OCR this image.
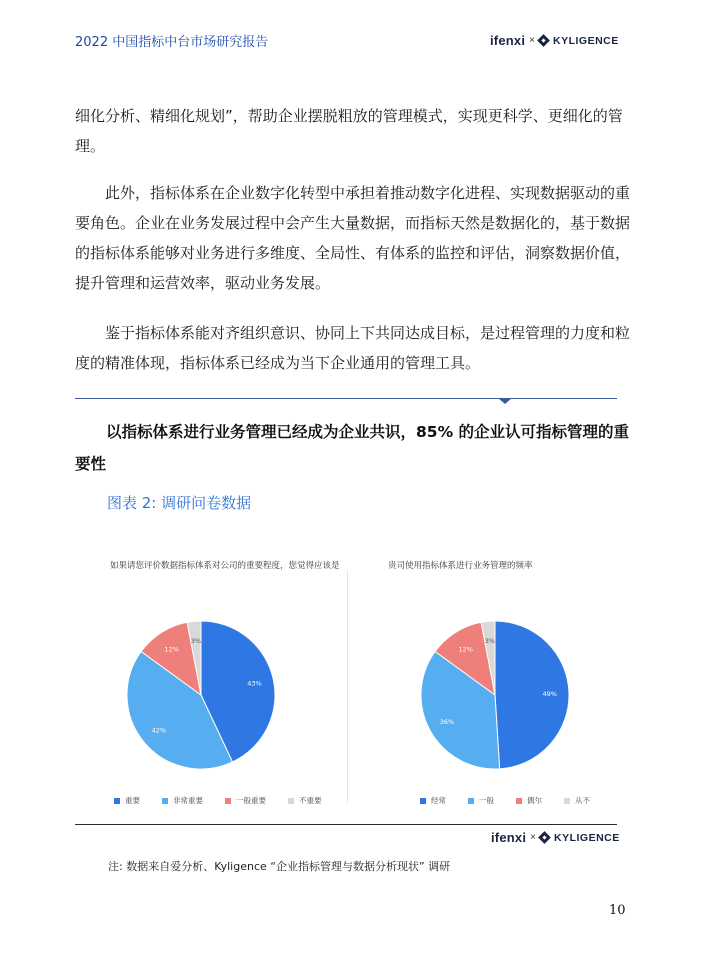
2022 中国指标中台市场研究报告	ifenxi × KYLIGENCE

细化分析、精细化规划”，帮助企业摆脱粗放的管理模式，实现更科学、更细化的管理。

此外，指标体系在企业数字化转型中承担着推动数字化进程、实现数据驱动的重要角色。企业在业务发展过程中会产生大量数据，而指标天然是数据化的，基于数据的指标体系能够对业务进行多维度、全局性、有体系的监控和评估，洞察数据价值，提升管理和运营效率，驱动业务发展。

鉴于指标体系能对齐组织意识、协同上下共同达成目标，是过程管理的力度和粒度的精准体现，指标体系已经成为当下企业通用的管理工具。

以指标体系进行业务管理已经成为企业共识，85% 的企业认可指标管理的重要性

图表 2: 调研问卷数据

如果请您评价数据指标体系对公司的重要程度，您觉得应该是	贵司使用指标体系进行业务管理的频率

43%
42%
12%
3%
49%
36%
12%
3%
重要	非常重要	一般重要	不重要	经常	一般	偶尔	从不
ifenxi × KYLIGENCE
注: 数据来自爱分析、Kyligence “企业指标管理与数据分析现状” 调研
10
